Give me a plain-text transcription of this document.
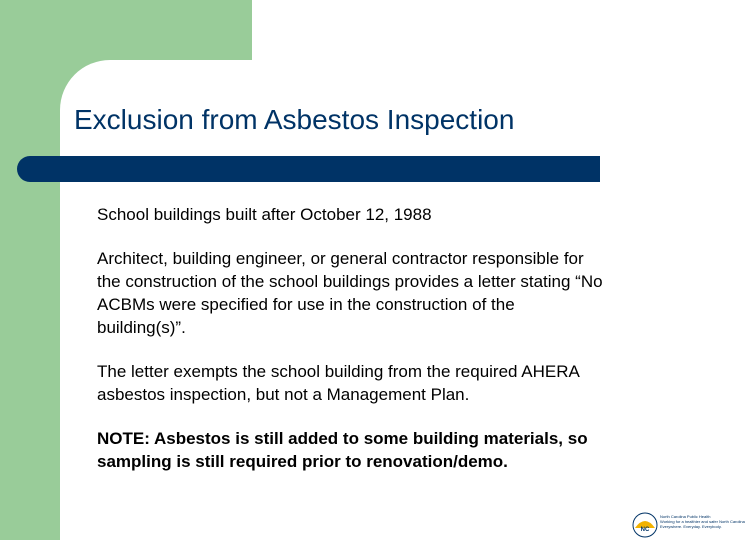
Exclusion from Asbestos Inspection

School buildings built after October 12, 1988

Architect, building engineer, or general contractor responsible for the construction of the school buildings provides a letter stating “No ACBMs were specified for use in the construction of the building(s)”.

The letter exempts the school building from the required AHERA asbestos inspection, but not a Management Plan.

NOTE: Asbestos is still added to some building materials, so sampling is still required prior to renovation/demo.

NC
North Carolina Public Health
Working for a healthier and safer North Carolina
Everywhere. Everyday. Everybody.
